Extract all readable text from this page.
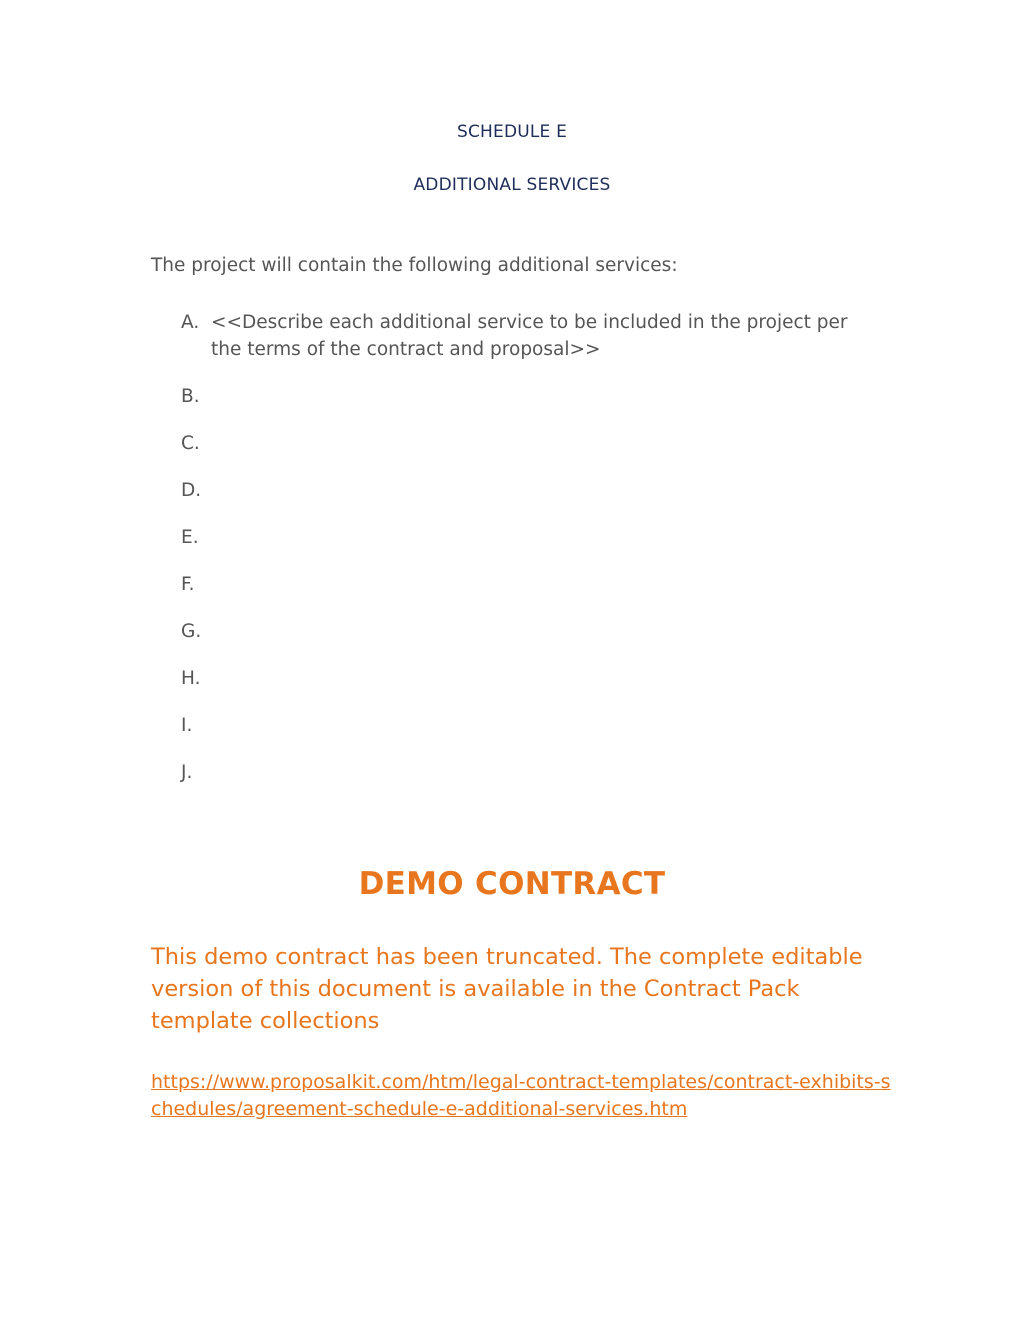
SCHEDULE E
ADDITIONAL SERVICES
The project will contain the following additional services:
A. <<Describe each additional service to be included in the project per the terms of the contract and proposal>>
B.
C.
D.
E.
F.
G.
H.
I.
J.
DEMO CONTRACT
This demo contract has been truncated. The complete editable version of this document is available in the Contract Pack template collections
https://www.proposalkit.com/htm/legal-contract-templates/contract-exhibits-schedules/agreement-schedule-e-additional-services.htm
